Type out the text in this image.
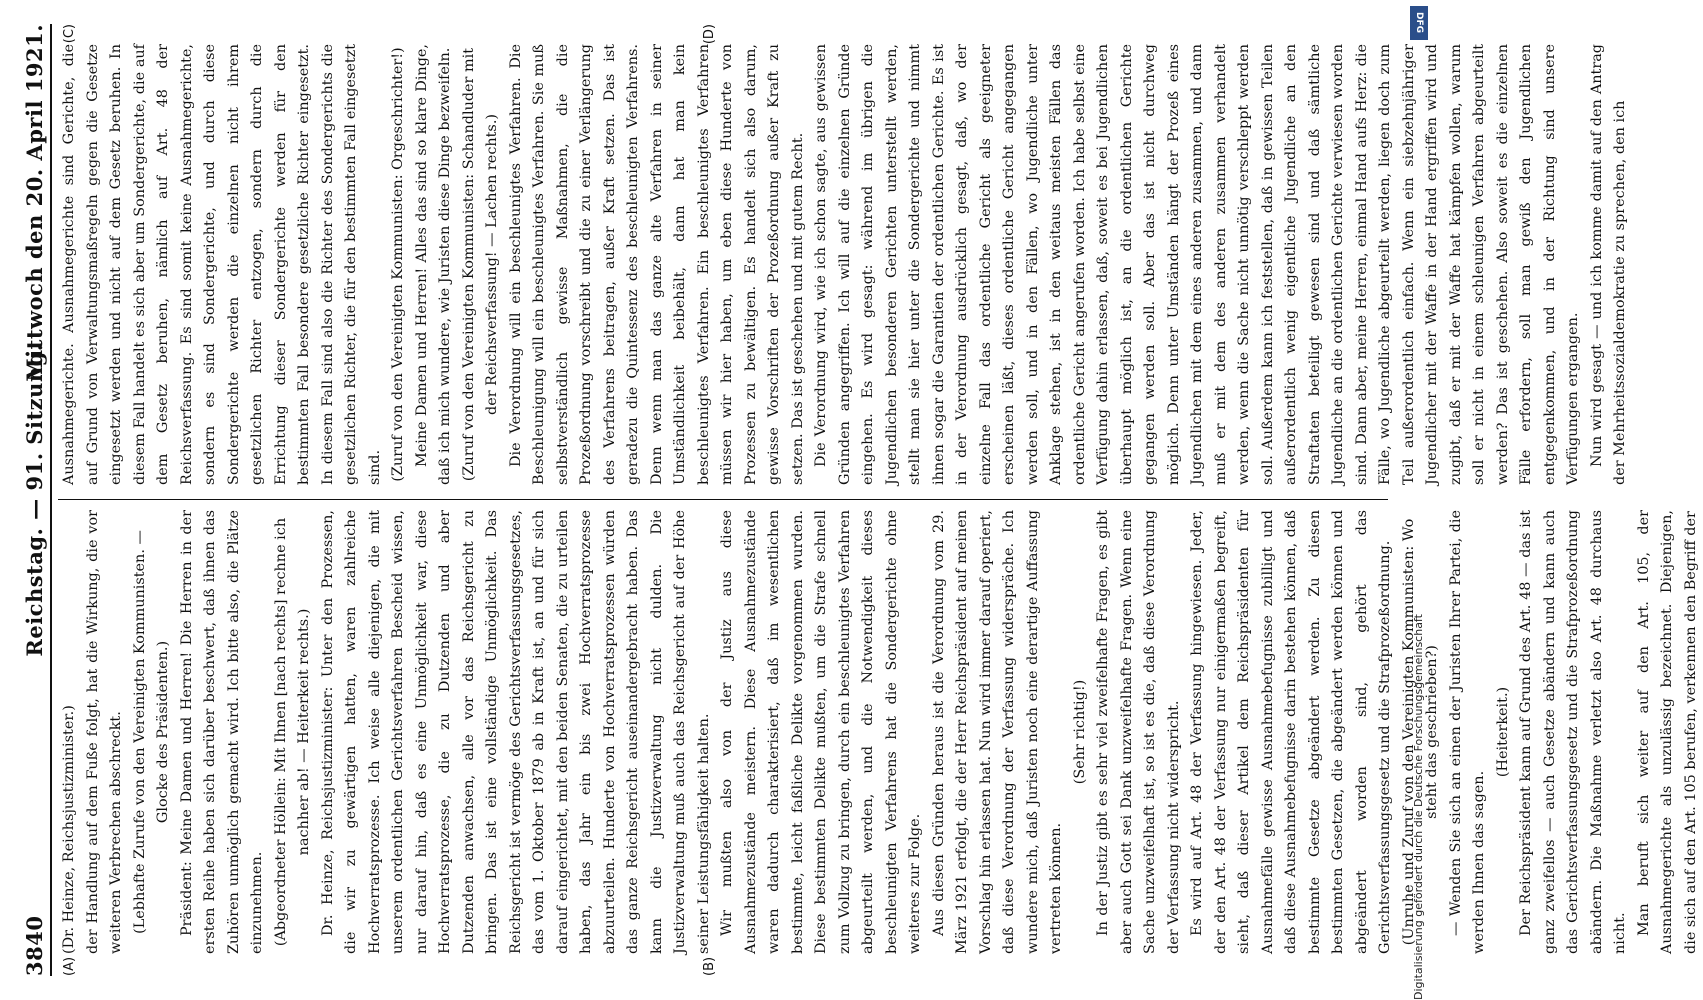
3840
Reichstag. — 91. Sitzung.
Mittwoch den 20. April 1921.
(A)	(B)

(Dr. Heinze, Reichsjustizminister.) der Handlung auf dem Fuße folgt, hat die Wirkung, die vor weiteren Verbrechen abschreckt. (Lebhafte Zurufe von den Vereinigten Kommunisten. — Glocke des Präsidenten.) Präsident: Meine Damen und Herren! Die Herren in der ersten Reihe haben sich darüber beschwert, daß ihnen das Zuhören unmöglich gemacht wird. Ich bitte also, die Plätze einzunehmen. (Abgeordneter Höllein: Mit Ihnen [nach rechts] rechne ich nachher ab! — Heiterkeit rechts.) Dr. Heinze, Reichsjustizminister: Unter den Prozessen, die wir zu gewärtigen hatten, waren zahlreiche Hochverratsprozesse. Ich weise alle diejenigen, die mit unserem ordentlichen Gerichtsverfahren Bescheid wissen, nur darauf hin, daß es eine Unmöglichkeit war, diese Hochverratsprozesse, die zu Dutzenden und aber Dutzenden anwachsen, alle vor das Reichsgericht zu bringen. Das ist eine vollständige Unmöglichkeit. Das Reichsgericht ist vermöge des Gerichtsverfassungsgesetzes, das vom 1. Oktober 1879 ab in Kraft ist, an und für sich darauf eingerichtet, mit den beiden Senaten, die zu urteilen haben, das Jahr ein bis zwei Hochverratsprozesse abzuurteilen. Hunderte von Hochverratsprozessen würden das ganze Reichsgericht auseinandergebracht haben. Das kann die Justizverwaltung nicht dulden. Die Justizverwaltung muß auch das Reichsgericht auf der Höhe seiner Leistungsfähigkeit halten. Wir mußten also von der Justiz aus diese Ausnahmezustände meistern. Diese Ausnahmezustände waren dadurch charakterisiert, daß im wesentlichen bestimmte, leicht faßliche Delikte vorgenommen wurden. Diese bestimmten Delikte mußten, um die Strafe schnell zum Vollzug zu bringen, durch ein beschleunigtes Verfahren abgeurteilt werden, und die Notwendigkeit dieses beschleunigten Verfahrens hat die Sondergerichte ohne weiteres zur Folge. Aus diesen Gründen heraus ist die Verordnung vom 29. März 1921 erfolgt, die der Herr Reichspräsident auf meinen Vorschlag hin erlassen hat. Nun wird immer darauf operiert, daß diese Verordnung der Verfassung widerspräche. Ich wundere mich, daß Juristen noch eine derartige Auffassung vertreten können.

(Sehr richtig!) In der Justiz gibt es sehr viel zweifelhafte Fragen, es gibt aber auch Gott sei Dank unzweifelhafte Fragen. Wenn eine Sache unzweifelhaft ist, so ist es die, daß diese Verordnung der Verfassung nicht widerspricht. Es wird auf Art. 48 der Verfassung hingewiesen. Jeder, der den Art. 48 der Verfassung nur einigermaßen begreift, sieht, daß dieser Artikel dem Reichspräsidenten für Ausnahmefälle gewisse Ausnahmebefugnisse zubilligt und daß diese Ausnahmebefugnisse darin bestehen können, daß bestimmte Gesetze abgeändert werden. Zu diesen bestimmten Gesetzen, die abgeändert werden können und abgeändert worden sind, gehört das Gerichtsverfassungsgesetz und die Strafprozeßordnung. (Unruhe und Zuruf von den Vereinigten Kommunisten: Wo steht das geschrieben?) — Wenden Sie sich an einen der Juristen Ihrer Partei, die werden Ihnen das sagen.

(Heiterkeit.) Der Reichspräsident kann auf Grund des Art. 48 — das ist ganz zweifellos — auch Gesetze abändern und kann auch das Gerichtsverfassungsgesetz und die Strafprozeßordnung abändern. Die Maßnahme verletzt also Art. 48 durchaus nicht. Man beruft sich weiter auf den Art. 105, der Ausnahmegerichte als unzulässig bezeichnet. Diejenigen, die sich auf den Art. 105 berufen, verkennen den Begriff der

(C)	(D)

Ausnahmegerichte. Ausnahmegerichte sind Gerichte, die auf Grund von Verwaltungsmaßregeln gegen die Gesetze eingesetzt werden und nicht auf dem Gesetz beruhen. In diesem Fall handelt es sich aber um Sondergerichte, die auf dem Gesetz beruhen, nämlich auf Art. 48 der Reichsverfassung. Es sind somit keine Ausnahmegerichte, sondern es sind Sondergerichte, und durch diese Sondergerichte werden die einzelnen nicht ihrem gesetzlichen Richter entzogen, sondern durch die Errichtung dieser Sondergerichte werden für den bestimmten Fall besondere gesetzliche Richter eingesetzt. In diesem Fall sind also die Richter des Sondergerichts die gesetzlichen Richter, die für den bestimmten Fall eingesetzt sind. (Zuruf von den Vereinigten Kommunisten: Orgeschrichter!) Meine Damen und Herren! Alles das sind so klare Dinge, daß ich mich wundere, wie Juristen diese Dinge bezweifeln. (Zuruf von den Vereinigten Kommunisten: Schandluder mit der Reichsverfassung! — Lachen rechts.) Die Verordnung will ein beschleunigtes Verfahren. Die Beschleunigung will ein beschleunigtes Verfahren. Sie muß selbstverständlich gewisse Maßnahmen, die die Prozeßordnung vorschreibt und die zu einer Verlängerung des Verfahrens beitragen, außer Kraft setzen. Das ist geradezu die Quintessenz des beschleunigten Verfahrens. Denn wenn man das ganze alte Verfahren in seiner Umständlichkeit beibehält, dann hat man kein beschleunigtes Verfahren. Ein beschleunigtes Verfahren müssen wir hier haben, um eben diese Hunderte von Prozessen zu bewältigen. Es handelt sich also darum, gewisse Vorschriften der Prozeßordnung außer Kraft zu setzen. Das ist geschehen und mit gutem Recht. Die Verordnung wird, wie ich schon sagte, aus gewissen Gründen angegriffen. Ich will auf die einzelnen Gründe eingehen. Es wird gesagt: während im übrigen die Jugendlichen besonderen Gerichten unterstellt werden, stellt man sie hier unter die Sondergerichte und nimmt ihnen sogar die Garantien der ordentlichen Gerichte. Es ist in der Verordnung ausdrücklich gesagt, daß, wo der einzelne Fall das ordentliche Gericht als geeigneter erscheinen läßt, dieses ordentliche Gericht angegangen werden soll, und in den Fällen, wo Jugendliche unter Anklage stehen, ist in den weitaus meisten Fällen das ordentliche Gericht angerufen worden. Ich habe selbst eine Verfügung dahin erlassen, daß, soweit es bei Jugendlichen überhaupt möglich ist, an die ordentlichen Gerichte gegangen werden soll. Aber das ist nicht durchweg möglich. Denn unter Umständen hängt der Prozeß eines Jugendlichen mit dem eines anderen zusammen, und dann muß er mit dem des anderen zusammen verhandelt werden, wenn die Sache nicht unnötig verschleppt werden soll. Außerdem kann ich feststellen, daß in gewissen Teilen außerordentlich wenig eigentliche Jugendliche an den Straftaten beteiligt gewesen sind und daß sämtliche Jugendliche an die ordentlichen Gerichte verwiesen worden sind. Dann aber, meine Herren, einmal Hand aufs Herz: die Fälle, wo Jugendliche abgeurteilt werden, liegen doch zum Teil außerordentlich einfach. Wenn ein siebzehnjähriger Jugendlicher mit der Waffe in der Hand ergriffen wird und zugibt, daß er mit der Waffe hat kämpfen wollen, warum soll er nicht in einem schleunigen Verfahren abgeurteilt werden? Das ist geschehen. Also soweit es die einzelnen Fälle erfordern, soll man gewiß den Jugendlichen entgegenkommen, und in der Richtung sind unsere Verfügungen ergangen. Nun wird gesagt — und ich komme damit auf den Antrag der Mehrheitssozialdemokratie zu sprechen, den ich

DFG
Digitalisierung gefördert durch die Deutsche Forschungsgemeinschaft
